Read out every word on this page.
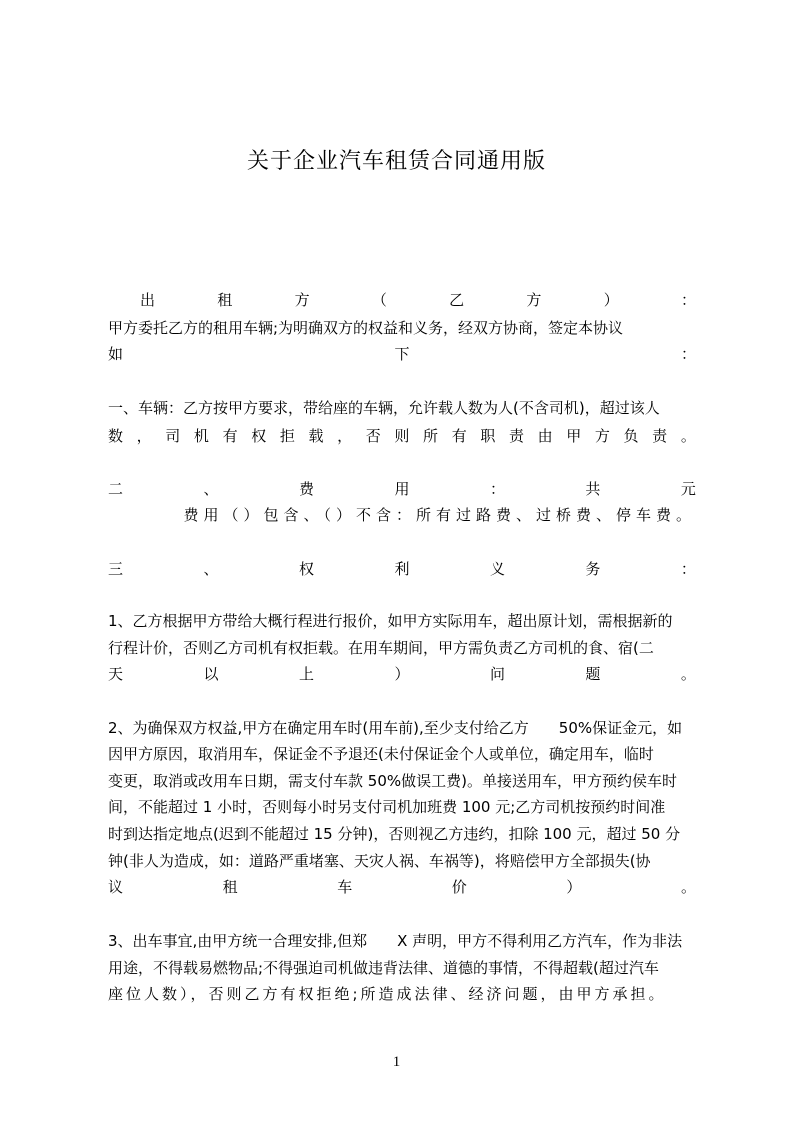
关于企业汽车租赁合同通用版
出	租	方	（	乙	方	）	：
甲方委托乙方的租用车辆;为明确双方的权益和义务，经双方协商，签定本协议
如	下	：
一、车辆：乙方按甲方要求，带给座的车辆，允许载人数为人(不含司机)，超过该人
数 ， 司 机 有 权 拒 载 ， 否 则 所 有 职 责 由 甲 方 负 责 。
二	、	费	用	：	共	元
费用（）包含、（）不含：所有过路费、过桥费、停车费。
三	、	权	利	义	务	：
1、乙方根据甲方带给大概行程进行报价，如甲方实际用车，超出原计划，需根据新的
行程计价，否则乙方司机有权拒载。在用车期间，甲方需负责乙方司机的食、宿(二
天	以	上	）	问	题	。
2、为确保双方权益,甲方在确定用车时(用车前),至少支付给乙方　　50%保证金元，如
因甲方原因，取消用车，保证金不予退还(未付保证金个人或单位，确定用车，临时
变更，取消或改用车日期，需支付车款 50%做误工费)。单接送用车，甲方预约侯车时
间，不能超过 1 小时，否则每小时另支付司机加班费 100 元;乙方司机按预约时间准
时到达指定地点(迟到不能超过 15 分钟)，否则视乙方违约，扣除 100 元，超过 50 分
钟(非人为造成，如：道路严重堵塞、天灾人祸、车祸等)，将赔偿甲方全部损失(协
议	租	车	价	）	。
3、出车事宜,由甲方统一合理安排,但郑　　X 声明，甲方不得利用乙方汽车，作为非法
用途，不得载易燃物品;不得强迫司机做违背法律、道德的事情，不得超载(超过汽车
座位人数），否则乙方有权拒绝;所造成法律、经济问题，由甲方承担。
1
